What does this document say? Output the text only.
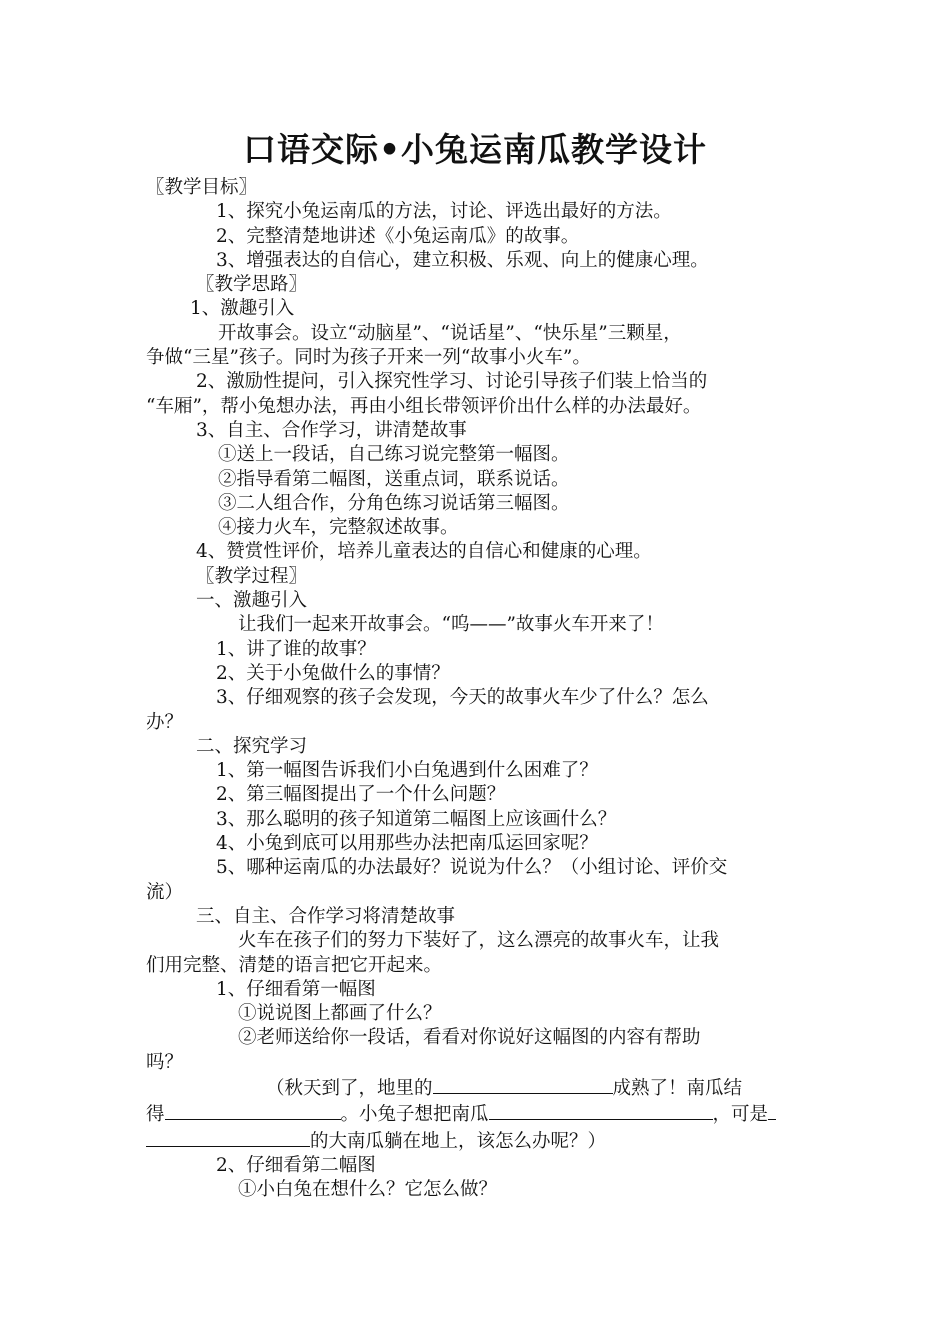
口语交际•小兔运南瓜教学设计

〖教学目标〗

1、探究小兔运南瓜的方法，讨论、评选出最好的方法。

2、完整清楚地讲述《小兔运南瓜》的故事。

3、增强表达的自信心，建立积极、乐观、向上的健康心理。

〖教学思路〗

1、激趣引入

开故事会。设立“动脑星”、“说话星”、“快乐星”三颗星，

争做“三星”孩子。同时为孩子开来一列“故事小火车”。

2、激励性提问，引入探究性学习、讨论引导孩子们装上恰当的

“车厢”，帮小兔想办法，再由小组长带领评价出什么样的办法最好。

3、自主、合作学习，讲清楚故事

①送上一段话，自己练习说完整第一幅图。

②指导看第二幅图，送重点词，联系说话。

③二人组合作，分角色练习说话第三幅图。

④接力火车，完整叙述故事。

4、赞赏性评价，培养儿童表达的自信心和健康的心理。

〖教学过程〗

一、激趣引入

让我们一起来开故事会。“呜——”故事火车开来了！

1、讲了谁的故事？

2、关于小兔做什么的事情？

3、仔细观察的孩子会发现，今天的故事火车少了什么？怎么

办？

二、探究学习

1、第一幅图告诉我们小白兔遇到什么困难了？

2、第三幅图提出了一个什么问题？

3、那么聪明的孩子知道第二幅图上应该画什么？

4、小兔到底可以用那些办法把南瓜运回家呢？

5、哪种运南瓜的办法最好？说说为什么？（小组讨论、评价交

流）

三、自主、合作学习将清楚故事

火车在孩子们的努力下装好了，这么漂亮的故事火车，让我

们用完整、清楚的语言把它开起来。

1、仔细看第一幅图

①说说图上都画了什么？

②老师送给你一段话，看看对你说好这幅图的内容有帮助

吗？

（秋天到了，地里的	成熟了！南瓜结

得	。小兔子想把南瓜	，可是

的大南瓜躺在地上，该怎么办呢？）

2、仔细看第二幅图

①小白兔在想什么？它怎么做？
